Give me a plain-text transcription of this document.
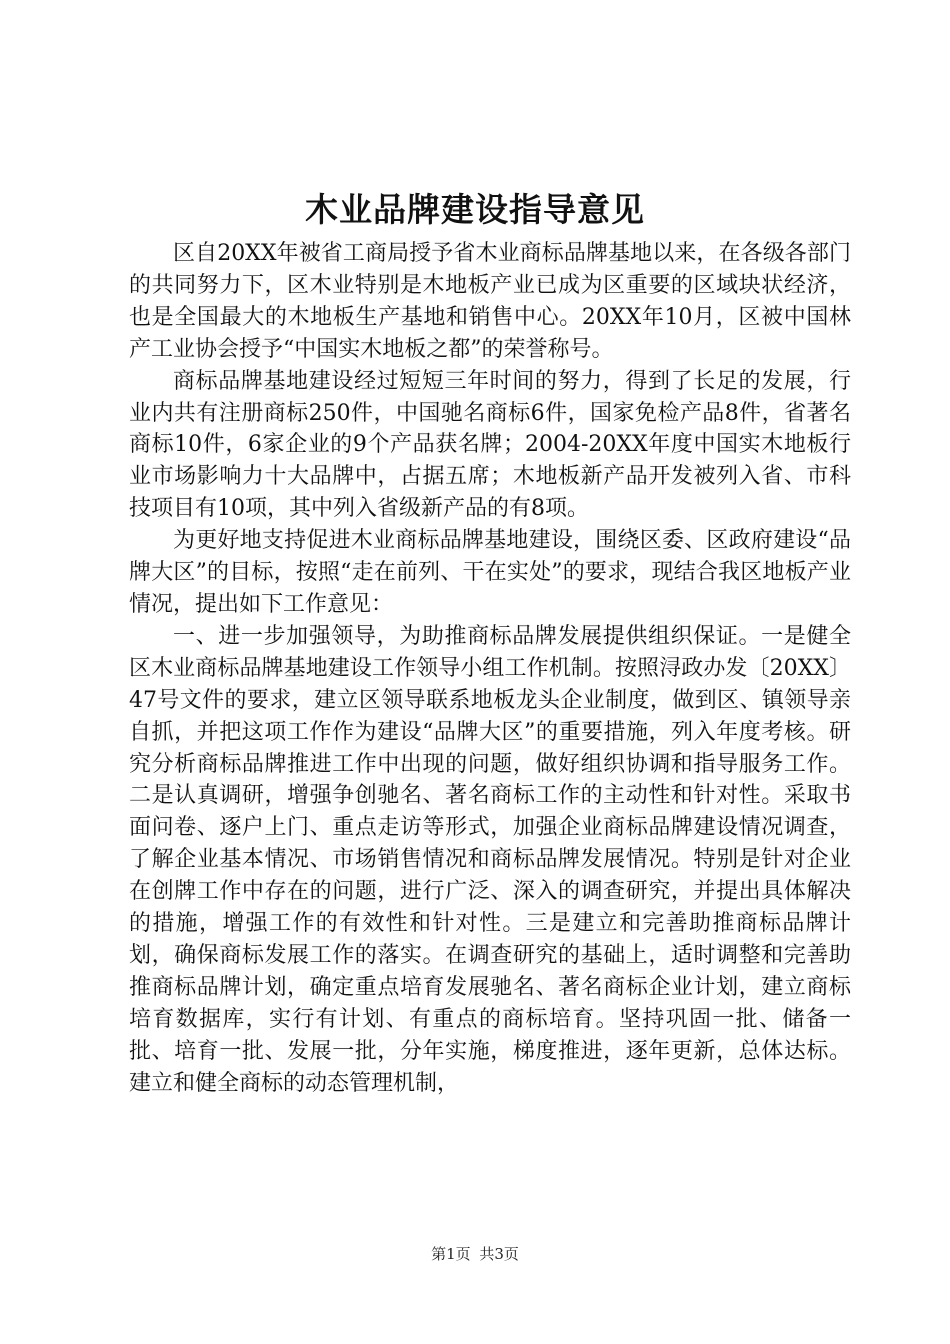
木业品牌建设指导意见

区自20XX年被省工商局授予省木业商标品牌基地以来，在各级各部门的共同努力下，区木业特别是木地板产业已成为区重要的区域块状经济，也是全国最大的木地板生产基地和销售中心。20XX年10月，区被中国林产工业协会授予“中国实木地板之都”的荣誉称号。

商标品牌基地建设经过短短三年时间的努力，得到了长足的发展，行业内共有注册商标250件，中国驰名商标6件，国家免检产品8件，省著名商标10件，6家企业的9个产品获名牌；2004-20XX年度中国实木地板行业市场影响力十大品牌中，占据五席；木地板新产品开发被列入省、市科技项目有10项，其中列入省级新产品的有8项。

为更好地支持促进木业商标品牌基地建设，围绕区委、区政府建设“品牌大区”的目标，按照“走在前列、干在实处”的要求，现结合我区地板产业情况，提出如下工作意见：

一、进一步加强领导，为助推商标品牌发展提供组织保证。一是健全区木业商标品牌基地建设工作领导小组工作机制。按照浔政办发〔20XX〕47号文件的要求，建立区领导联系地板龙头企业制度，做到区、镇领导亲自抓，并把这项工作作为建设“品牌大区”的重要措施，列入年度考核。研究分析商标品牌推进工作中出现的问题，做好组织协调和指导服务工作。二是认真调研，增强争创驰名、著名商标工作的主动性和针对性。采取书面问卷、逐户上门、重点走访等形式，加强企业商标品牌建设情况调查，了解企业基本情况、市场销售情况和商标品牌发展情况。特别是针对企业在创牌工作中存在的问题，进行广泛、深入的调查研究，并提出具体解决的措施，增强工作的有效性和针对性。三是建立和完善助推商标品牌计划，确保商标发展工作的落实。在调查研究的基础上，适时调整和完善助推商标品牌计划，确定重点培育发展驰名、著名商标企业计划，建立商标培育数据库，实行有计划、有重点的商标培育。坚持巩固一批、储备一批、培育一批、发展一批，分年实施，梯度推进，逐年更新，总体达标。建立和健全商标的动态管理机制，

第1页 共3页
